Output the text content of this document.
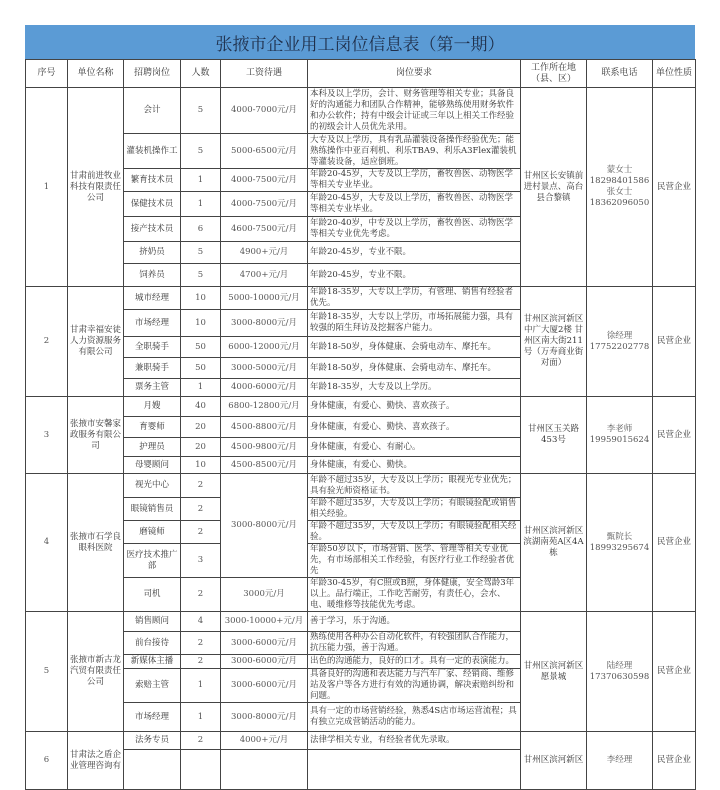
张掖市企业用工岗位信息表（第一期）
序号	单位名称	招聘岗位	人数	工资待遇	岗位要求	工作所在地（县、区）	联系电话	单位性质
1	甘肃前进牧业科技有限责任公司	会计	5	4000-7000元/月	本科及以上学历，会计、财务管理等相关专业；具备良好的沟通能力和团队合作精神，能够熟练使用财务软件和办公软件；持有中级会计证或三年以上相关工作经验的初级会计人员优先录用。	甘州区长安镇前进村景点、高台县合黎镇	蒙女士 18298401586 张女士 18362096050	民营企业
		灌装机操作工	5	5000-6500元/月	大专及以上学历，具有乳品灌装设备操作经验优先；能熟练操作中亚百利机、利乐TBA9、利乐A3Flex灌装机等灌装设备，适应倒班。			
		繁育技术员	1	4000-7500元/月	年龄20-45岁，大专及以上学历，畜牧兽医、动物医学等相关专业毕业。			
		保健技术员	1	4000-7500元/月	年龄20-45岁，大专及以上学历，畜牧兽医、动物医学等相关专业毕业。			
		接产技术员	6	4600-7500元/月	年龄20-40岁，中专及以上学历，畜牧兽医、动物医学等相关专业优先考虑。			
		挤奶员	5	4900+元/月	年龄20-45岁，专业不限。			
		饲养员	5	4700+元/月	年龄20-45岁，专业不限。			
2	甘肃幸福安徒人力资源服务有限公司	城市经理	10	5000-10000元/月	年龄18-35岁，大专以上学历，有管理、销售有经验者优先。	甘州区滨河新区中广大厦2楼 甘州区南大街211号（万寿商业街对面）	徐经理 17752202778	民营企业
		市场经理	10	3000-8000元/月	年龄18-35岁，大专以上学历，市场拓展能力强，具有较强的陌生拜访及挖掘客户能力。			
		全职骑手	50	6000-12000元/月	年龄18-50岁，身体健康、会骑电动车、摩托车。			
		兼职骑手	50	3000-5000元/月	年龄18-50岁，身体健康、会骑电动车、摩托车。			
		票务主管	1	4000-6000元/月	年龄18-35岁，大专及以上学历。			
3	张掖市安馨家政服务有限公司	月嫂	40	6800-12800元/月	身体健康，有爱心、勤快、喜欢孩子。	甘州区玉关路453号	李老师 19959015624	民营企业
		育婴师	20	4500-8800元/月	身体健康，有爱心、勤快、喜欢孩子。			
		护理员	20	4500-9800元/月	身体健康，有爱心、有耐心。			
		母婴顾问	10	4500-8500元/月	身体健康，有爱心、勤快。			
4	张掖市石学良眼科医院	视光中心	2	3000-8000元/月	年龄不超过35岁，大专及以上学历；眼视光专业优先；具有验光师资格证书。	甘州区滨河新区滨湖南苑A区4A栋	甄院长 18993295674	民营企业
		眼镜销售员	2		年龄不超过35岁，大专及以上学历；有眼镜验配或销售相关经验。			
		磨镜师	2		年龄不超过35岁，大专及以上学历；有眼镜验配相关经验。			
		医疗技术推广部	3		年龄50岁以下，市场营销、医学、管理等相关专业优先，有市场部相关工作经验，有医疗行业工作经验者优先			
		司机	2	3000元/月	年龄30-45岁，有C照或B照，身体健康，安全驾龄3年以上。品行端正，工作吃苦耐劳，有责任心，会水、电、暖维修等技能优先考虑。			
5	张掖市新古龙汽贸有限责任公司	销售顾问	4	3000-10000+元/月	善于学习，乐于沟通。	甘州区滨河新区愿景城	陆经理 17370630598	民营企业
		前台接待	2	3000-6000元/月	熟练使用各种办公自动化软件，有较强团队合作能力，抗压能力强，善于沟通。			
		新媒体主播	2	3000-6000元/月	出色的沟通能力，良好的口才。具有一定的表演能力。			
		索赔主管	1	3000-6000元/月	具备良好的沟通和表达能力与汽车厂家、经销商、维修站及客户等各方进行有效的沟通协调，解决索赔纠纷和问题。			
		市场经理	1	3000-8000元/月	具有一定的市场营销经验，熟悉4S店市场运营流程；具有独立完成营销活动的能力。			
6	甘肃法之盾企业管理咨询有	法务专员	2	4000+元/月	法律学相关专业，有经验者优先录取。	甘州区滨河新区	李经理	民营企业
